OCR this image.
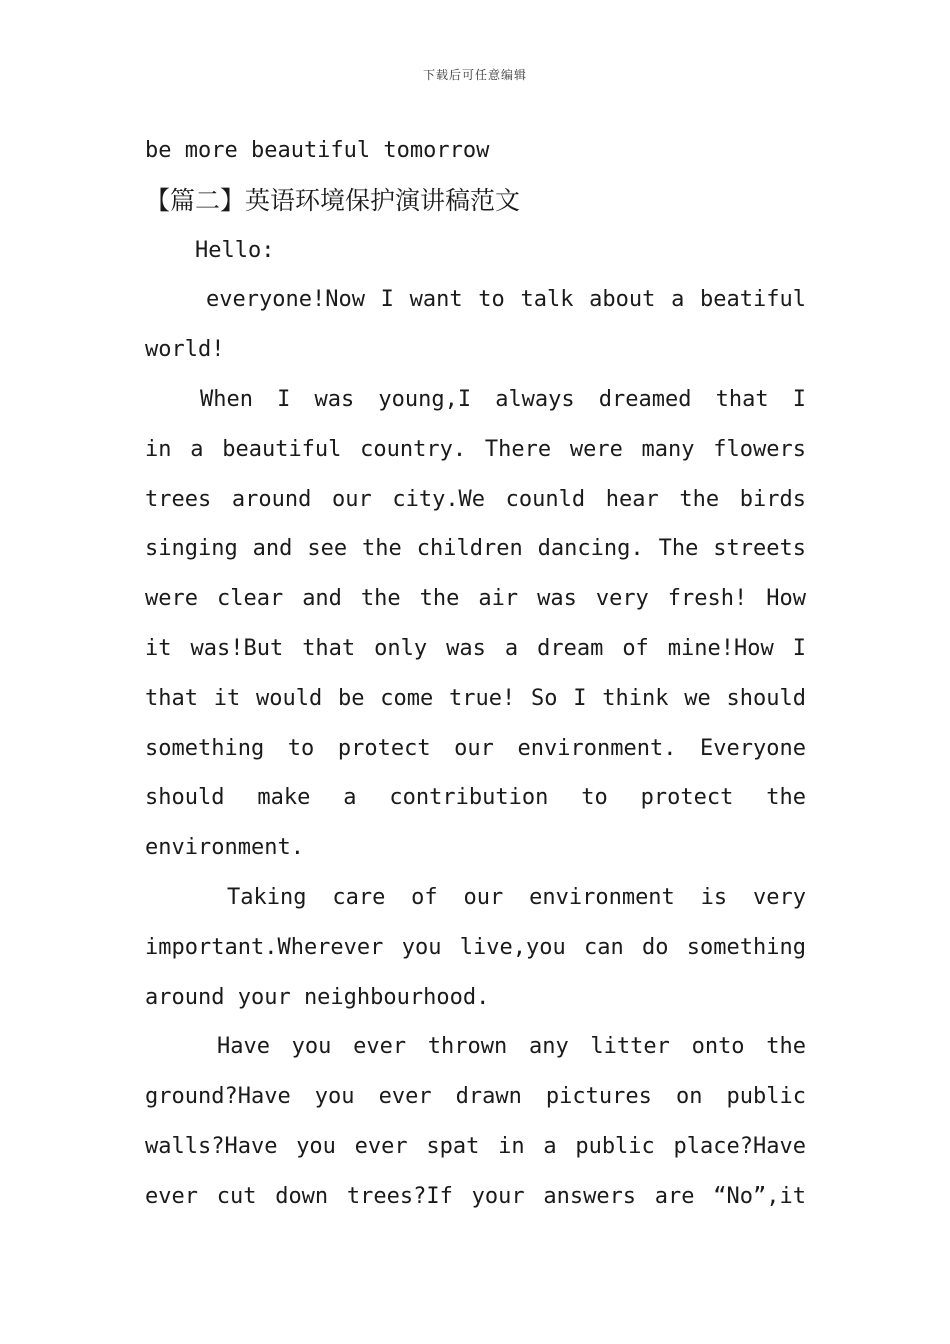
下载后可任意编辑
be more beautiful tomorrow
【篇二】英语环境保护演讲稿范文
Hello:
everyone!Now I want to talk about a beatiful
world!
When I was young,I always dreamed that I
in a beautiful country. There were many flowers
trees around our city.We counld hear the birds
singing and see the children dancing. The streets
were clear and the the air was very fresh! How
it was!But that only was a dream of mine!How I
that it would be come true! So I think we should
something to protect our environment. Everyone
should make a contribution to protect the
environment.
Taking care of our environment is very
important.Wherever you live,you can do something
around your neighbourhood.
Have you ever thrown any litter onto the
ground?Have you ever drawn pictures on public
walls?Have you ever spat in a public place?Have
ever cut down trees?If your answers are “No”,it
